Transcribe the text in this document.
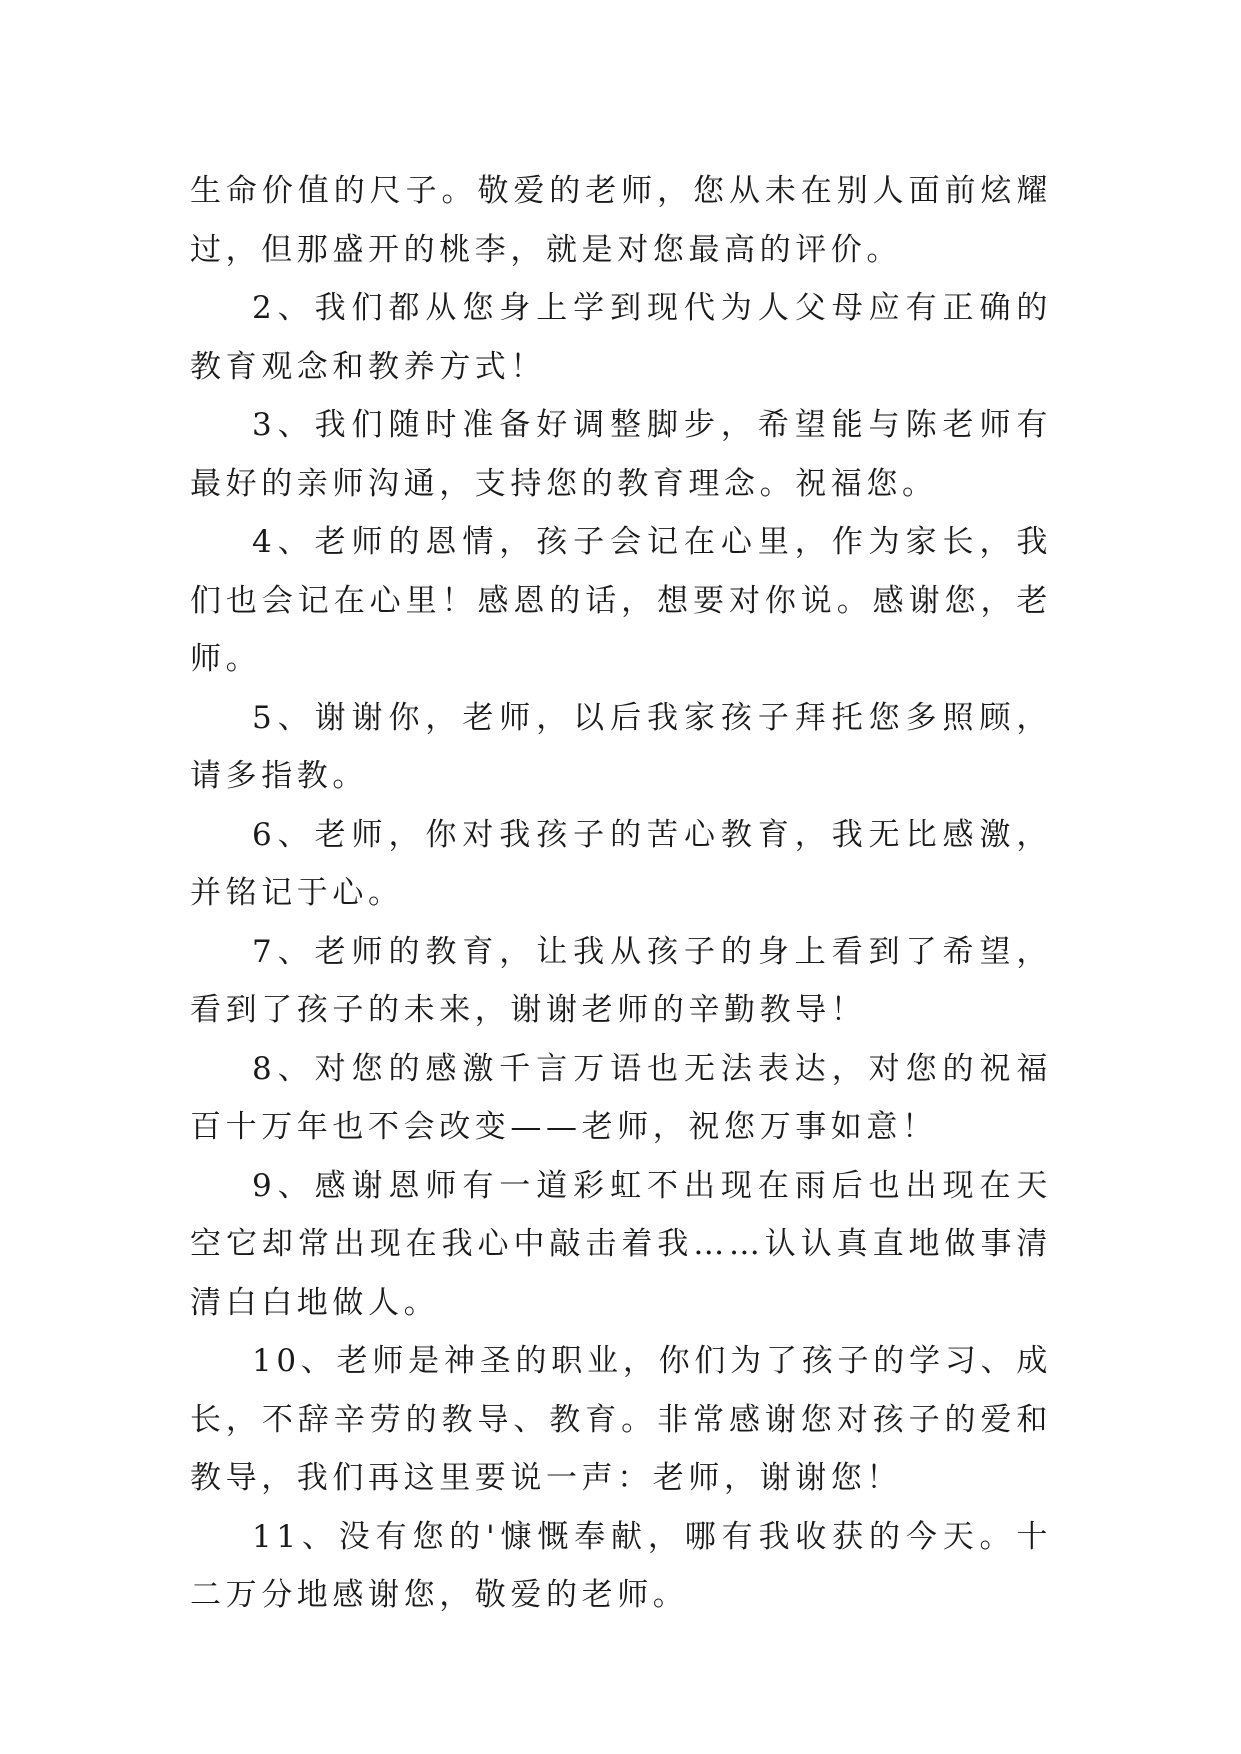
生命价值的尺子。敬爱的老师，您从未在别人面前炫耀过，但那盛开的桃李，就是对您最高的评价。

2、我们都从您身上学到现代为人父母应有正确的教育观念和教养方式！

3、我们随时准备好调整脚步，希望能与陈老师有最好的亲师沟通，支持您的教育理念。祝福您。

4、老师的恩情，孩子会记在心里，作为家长，我们也会记在心里！感恩的话，想要对你说。感谢您，老师。

5、谢谢你，老师，以后我家孩子拜托您多照顾，请多指教。

6、老师，你对我孩子的苦心教育，我无比感激，并铭记于心。

7、老师的教育，让我从孩子的身上看到了希望，看到了孩子的未来，谢谢老师的辛勤教导！

8、对您的感激千言万语也无法表达，对您的祝福百十万年也不会改变——老师，祝您万事如意！

9、感谢恩师有一道彩虹不出现在雨后也出现在天空它却常出现在我心中敲击着我……认认真直地做事清清白白地做人。

10、老师是神圣的职业，你们为了孩子的学习、成长，不辞辛劳的教导、教育。非常感谢您对孩子的爱和教导，我们再这里要说一声：老师，谢谢您！

11、没有您的'慷慨奉献，哪有我收获的今天。十二万分地感谢您，敬爱的老师。
